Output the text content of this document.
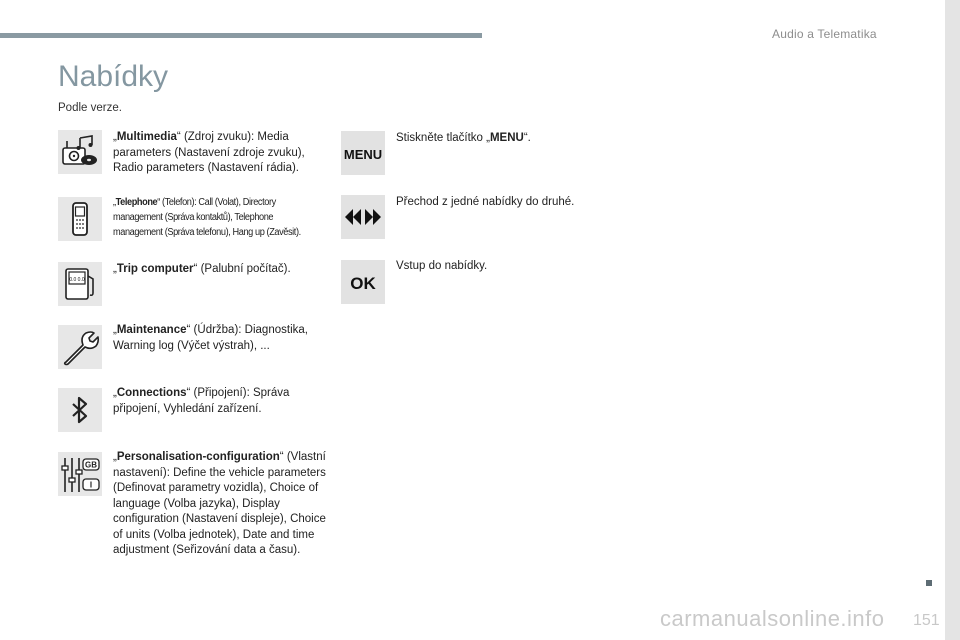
Audio a Telematika
Nabídky
Podle verze.
„Multimedia“ (Zdroj zvuku): Media parameters (Nastavení zdroje zvuku), Radio parameters (Nastavení rádia).
„Telephone“ (Telefon): Call (Volat), Directory management (Správa kontaktů), Telephone management (Správa telefonu), Hang up (Zavěsit).
0.0 0.0
„Trip computer“ (Palubní počítač).
„Maintenance“ (Údržba): Diagnostika, Warning log (Výčet výstrah), ...
„Connections“ (Připojení): Správa připojení, Vyhledání zařízení.
GB
I
„Personalisation-configuration“ (Vlastní nastavení): Define the vehicle parameters (Definovat parametry vozidla), Choice of language (Volba jazyka), Display configuration (Nastavení displeje), Choice of units (Volba jednotek), Date and time adjustment (Seřizování data a času).
MENU
Stiskněte tlačítko „MENU“.
Přechod z jedné nabídky do druhé.
OK
Vstup do nabídky.
carmanualsonline.info 151
